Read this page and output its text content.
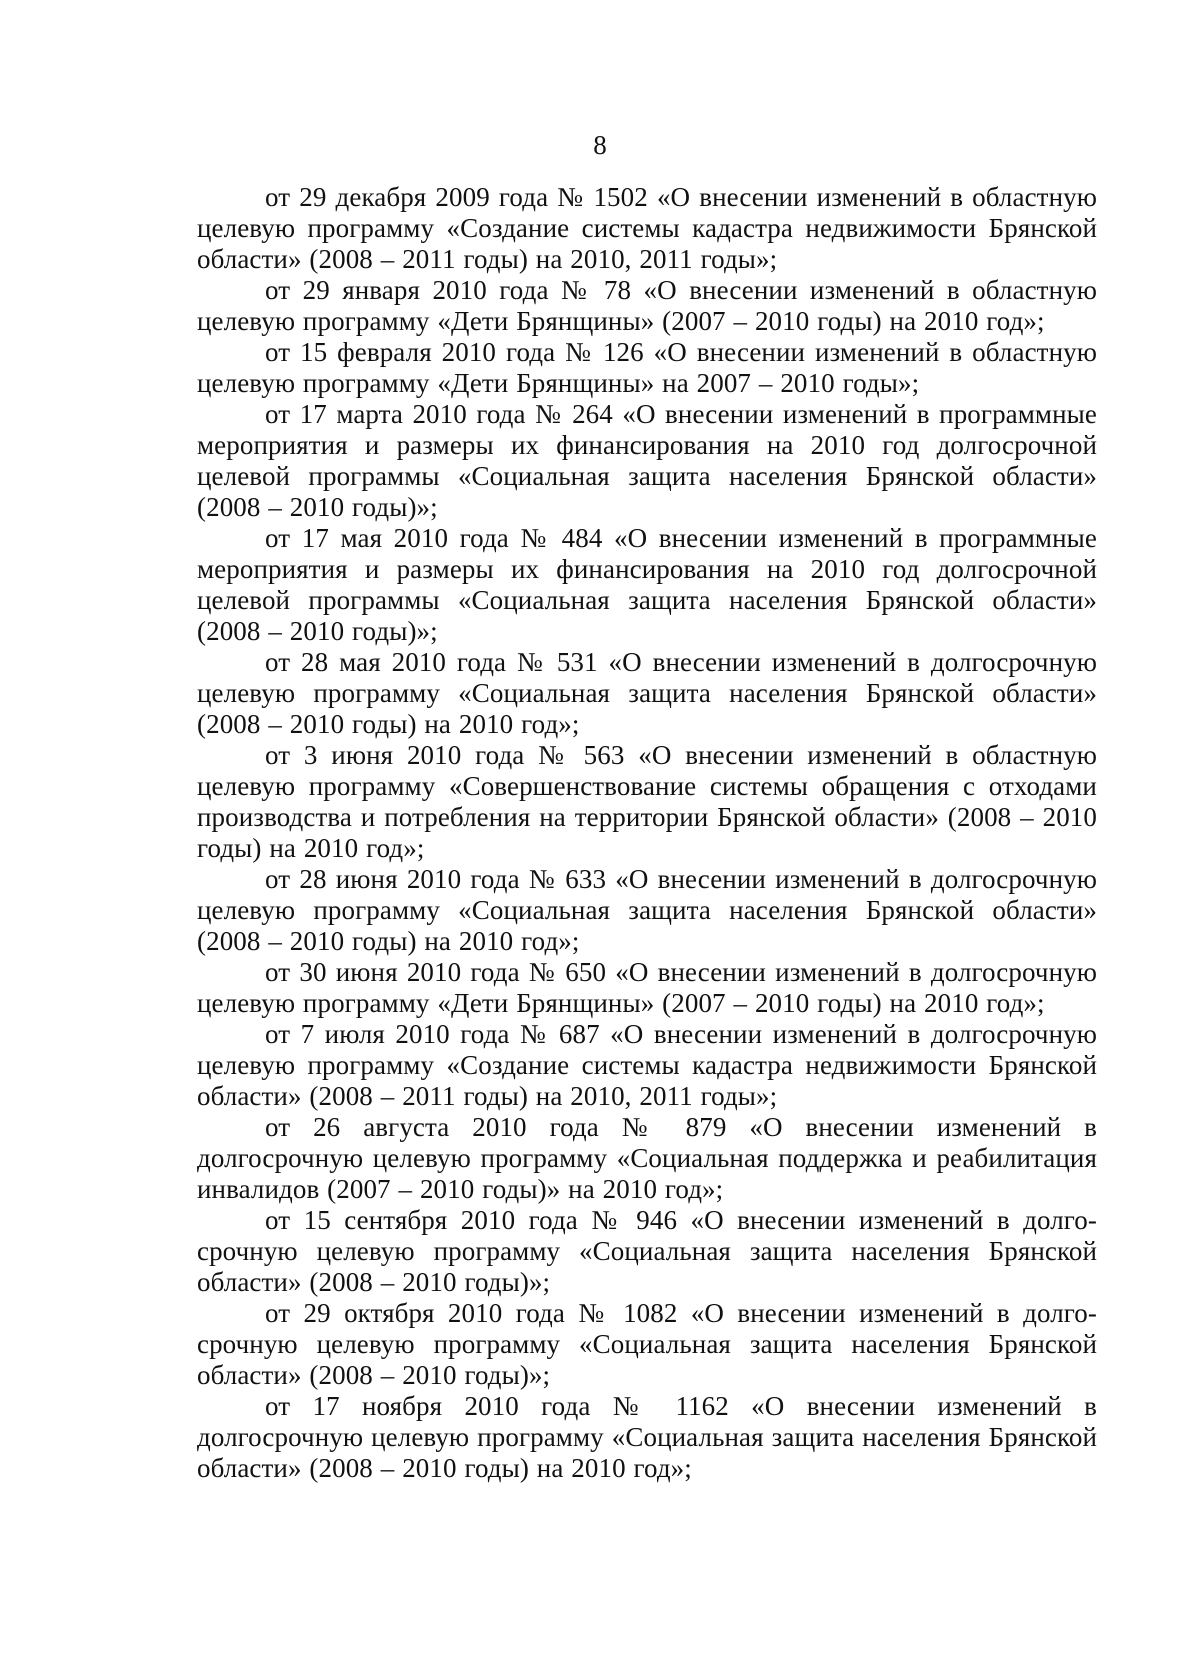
8

от 29 декабря 2009 года № 1502 «О внесении изменений в областную целевую программу «Создание системы кадастра недвижимости Брянской области» (2008 – 2011 годы) на 2010, 2011 годы»;

от 29 января 2010 года № 78 «О внесении изменений в областную целевую программу «Дети Брянщины» (2007 – 2010 годы) на 2010 год»;

от 15 февраля 2010 года № 126 «О внесении изменений в областную целевую программу «Дети Брянщины» на 2007 – 2010 годы»;

от 17 марта 2010 года № 264 «О внесении изменений в программные мероприятия и размеры их финансирования на 2010 год долгосрочной целевой программы «Социальная защита населения Брянской области» (2008 – 2010 годы)»;

от 17 мая 2010 года № 484 «О внесении изменений в программные мероприятия и размеры их финансирования на 2010 год долгосрочной целевой программы «Социальная защита населения Брянской области» (2008 – 2010 годы)»;

от 28 мая 2010 года № 531 «О внесении изменений в долгосрочную целевую программу «Социальная защита населения Брянской области» (2008 – 2010 годы) на 2010 год»;

от 3 июня 2010 года № 563 «О внесении изменений в областную целевую программу «Совершенствование системы обращения с отходами производства и потребления на территории Брянской области» (2008 – 2010 годы) на 2010 год»;

от 28 июня 2010 года № 633 «О внесении изменений в долгосрочную целевую программу «Социальная защита населения Брянской области» (2008 – 2010 годы) на 2010 год»;

от 30 июня 2010 года № 650 «О внесении изменений в долгосрочную целевую программу «Дети Брянщины» (2007 – 2010 годы) на 2010 год»;

от 7 июля 2010 года № 687 «О внесении изменений в долгосрочную целевую программу «Создание системы кадастра недвижимости Брянской области» (2008 – 2011 годы) на 2010, 2011 годы»;

от 26 августа 2010 года № 879 «О внесении изменений в долгосрочную целевую программу «Социальная поддержка и реабилитация инвалидов (2007 – 2010 годы)» на 2010 год»;

от 15 сентября 2010 года № 946 «О внесении изменений в долго-срочную целевую программу «Социальная защита населения Брянской области» (2008 – 2010 годы)»;

от 29 октября 2010 года № 1082 «О внесении изменений в долго-срочную целевую программу «Социальная защита населения Брянской области» (2008 – 2010 годы)»;

от 17 ноября 2010 года № 1162 «О внесении изменений в долгосрочную целевую программу «Социальная защита населения Брянской области» (2008 – 2010 годы) на 2010 год»;
